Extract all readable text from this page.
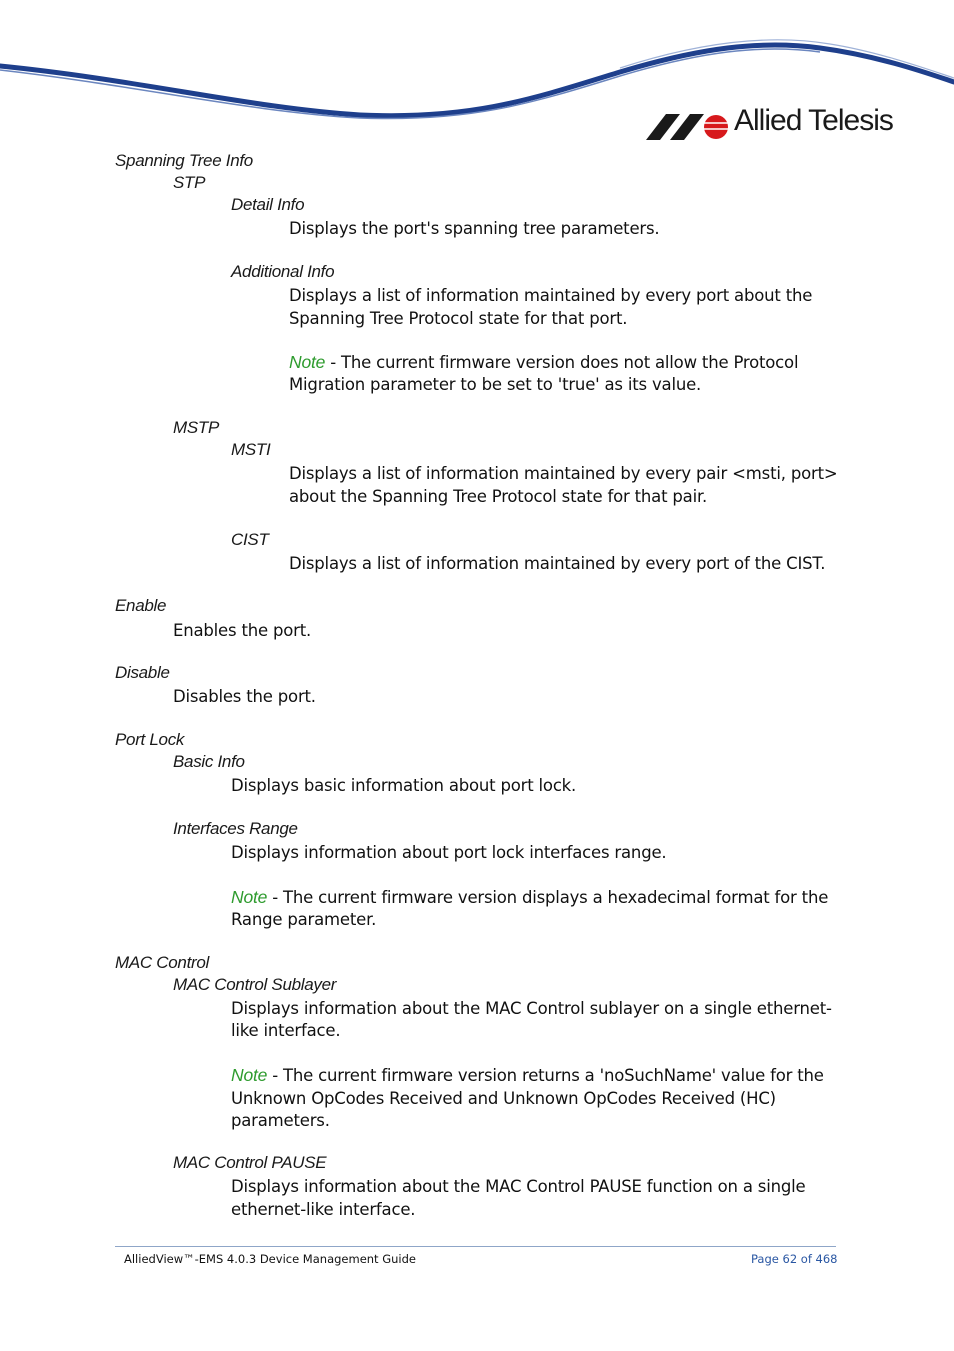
Allied Telesis
Spanning Tree Info
STP
Detail Info
Displays the port's spanning tree parameters.
Additional Info
Displays a list of information maintained by every port about the
Spanning Tree Protocol state for that port.
Note - The current firmware version does not allow the Protocol
Migration parameter to be set to 'true' as its value.
MSTP
MSTI
Displays a list of information maintained by every pair <msti, port>
about the Spanning Tree Protocol state for that pair.
CIST
Displays a list of information maintained by every port of the CIST.
Enable
Enables the port.
Disable
Disables the port.
Port Lock
Basic Info
Displays basic information about port lock.
Interfaces Range
Displays information about port lock interfaces range.
Note - The current firmware version displays a hexadecimal format for the
Range parameter.
MAC Control
MAC Control Sublayer
Displays information about the MAC Control sublayer on a single ethernet-
like interface.
Note - The current firmware version returns a 'noSuchName' value for the
Unknown OpCodes Received and Unknown OpCodes Received (HC)
parameters.
MAC Control PAUSE
Displays information about the MAC Control PAUSE function on a single
ethernet-like interface.
AlliedView™-EMS 4.0.3 Device Management Guide	Page 62 of 468
